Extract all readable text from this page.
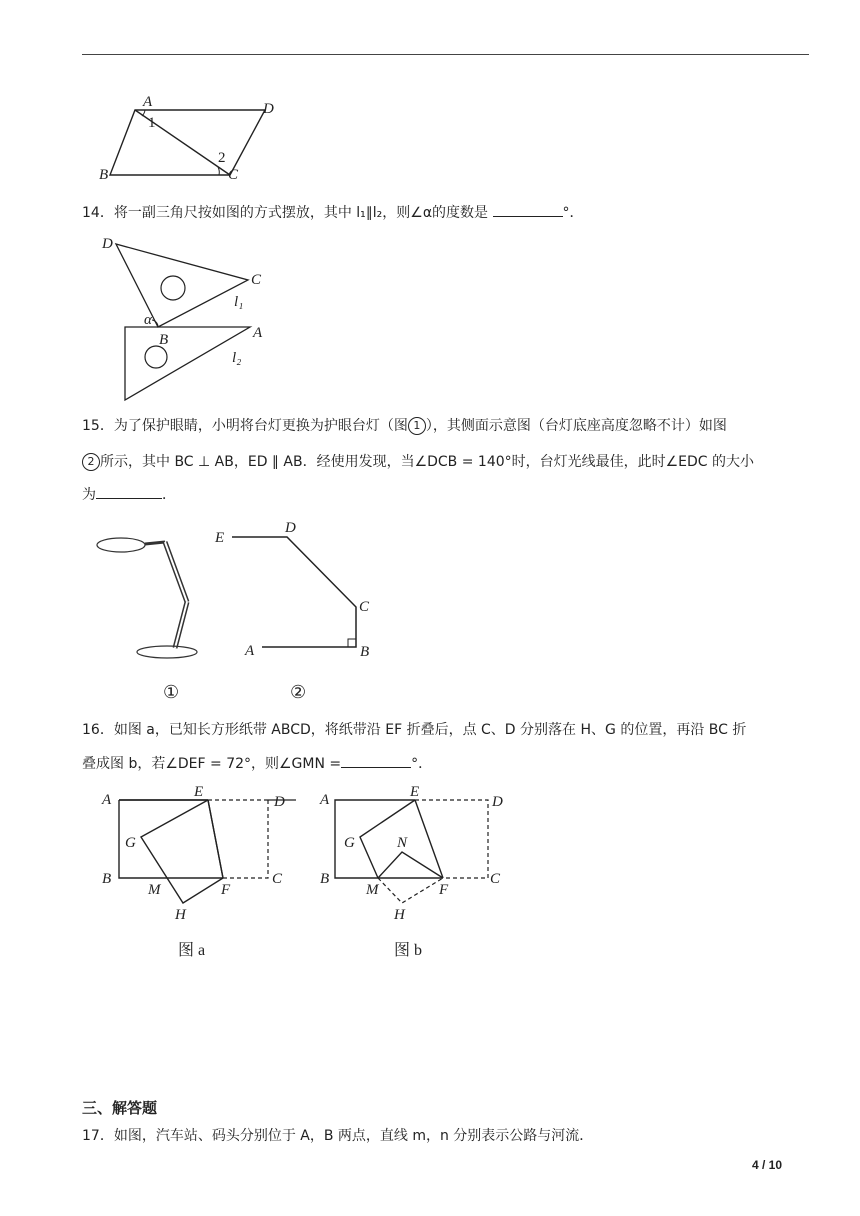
A	D
B	C
1
2
14．将一副三角尺按如图的方式摆放，其中 l₁∥l₂，则∠α的度数是	°．
D
C
α
B	A
l₁
l₂
15．为了保护眼睛，小明将台灯更换为护眼台灯（图 1 ），其侧面示意图（台灯底座高度忽略不计）如图
2 所示，其中 BC ⊥ AB，ED ∥ AB．经使用发现，当∠DCB = 140°时，台灯光线最佳，此时∠EDC 的大小
为	．
①
E
D
C
A	B
②
16．如图 a，已知长方形纸带 ABCD，将纸带沿 EF 折叠后，点 C、D 分别落在 H、G 的位置，再沿 BC 折
叠成图 b，若∠DEF = 72°，则∠GMN =	°．
A	E
D
G
B
M	F
C
H
图 a
A	E
D
G	N
B
M	F
C
H
图 b
三、解答题
17．如图，汽车站、码头分别位于 A，B 两点，直线 m，n 分别表示公路与河流．
4 / 10
